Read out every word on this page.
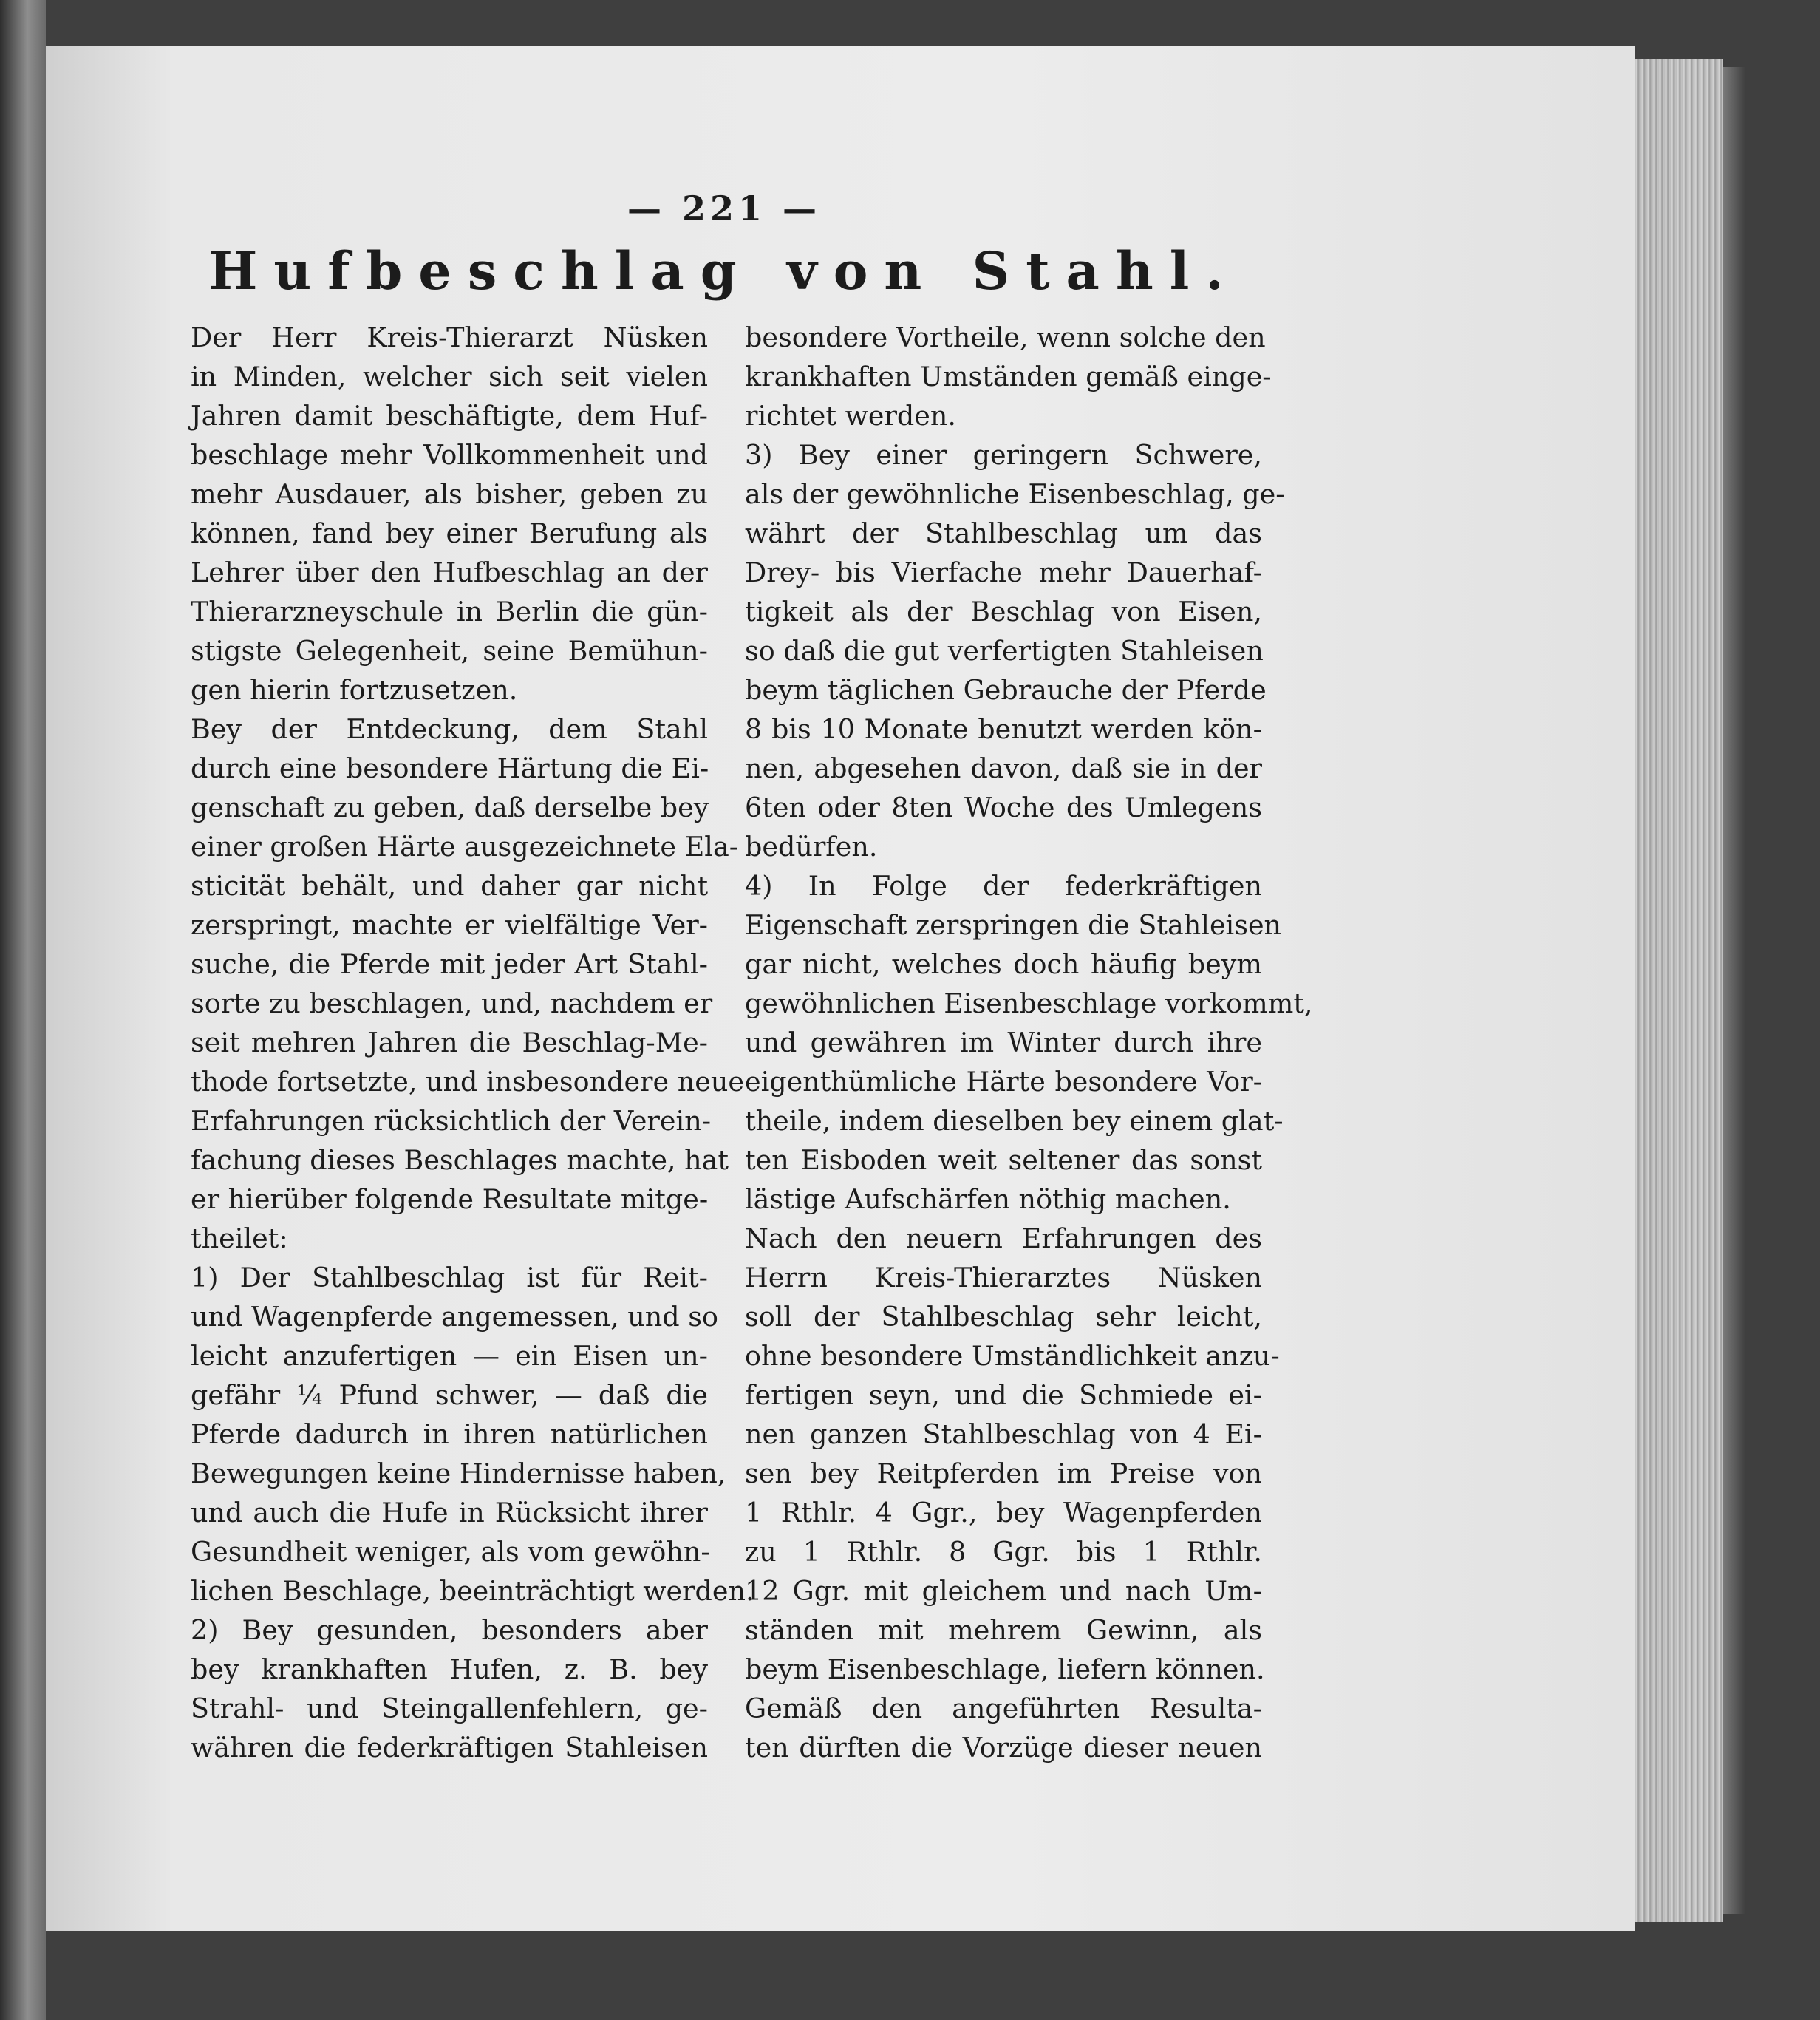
— 221 —
Hufbeschlag von Stahl.
Der Herr Kreis-Thierarzt Nüsken
in Minden, welcher sich seit vielen
Jahren damit beschäftigte, dem Huf-
beschlage mehr Vollkommenheit und
mehr Ausdauer, als bisher, geben zu
können, fand bey einer Berufung als
Lehrer über den Hufbeschlag an der
Thierarzneyschule in Berlin die gün-
stigste Gelegenheit, seine Bemühun-
gen hierin fortzusetzen.
Bey der Entdeckung, dem Stahl
durch eine besondere Härtung die Ei-
genschaft zu geben, daß derselbe bey
einer großen Härte ausgezeichnete Ela-
sticität behält, und daher gar nicht
zerspringt, machte er vielfältige Ver-
suche, die Pferde mit jeder Art Stahl-
sorte zu beschlagen, und, nachdem er
seit mehren Jahren die Beschlag-Me-
thode fortsetzte, und insbesondere neue
Erfahrungen rücksichtlich der Verein-
fachung dieses Beschlages machte, hat
er hierüber folgende Resultate mitge-
theilet:
1) Der Stahlbeschlag ist für Reit-
und Wagenpferde angemessen, und so
leicht anzufertigen — ein Eisen un-
gefähr ¼ Pfund schwer, — daß die
Pferde dadurch in ihren natürlichen
Bewegungen keine Hindernisse haben,
und auch die Hufe in Rücksicht ihrer
Gesundheit weniger, als vom gewöhn-
lichen Beschlage, beeinträchtigt werden.
2) Bey gesunden, besonders aber
bey krankhaften Hufen, z. B. bey
Strahl- und Steingallenfehlern, ge-
währen die federkräftigen Stahleisen
besondere Vortheile, wenn solche den
krankhaften Umständen gemäß einge-
richtet werden.
3) Bey einer geringern Schwere,
als der gewöhnliche Eisenbeschlag, ge-
währt der Stahlbeschlag um das
Drey- bis Vierfache mehr Dauerhaf-
tigkeit als der Beschlag von Eisen,
so daß die gut verfertigten Stahleisen
beym täglichen Gebrauche der Pferde
8 bis 10 Monate benutzt werden kön-
nen, abgesehen davon, daß sie in der
6ten oder 8ten Woche des Umlegens
bedürfen.
4) In Folge der federkräftigen
Eigenschaft zerspringen die Stahleisen
gar nicht, welches doch häufig beym
gewöhnlichen Eisenbeschlage vorkommt,
und gewähren im Winter durch ihre
eigenthümliche Härte besondere Vor-
theile, indem dieselben bey einem glat-
ten Eisboden weit seltener das sonst
lästige Aufschärfen nöthig machen.
Nach den neuern Erfahrungen des
Herrn Kreis-Thierarztes Nüsken
soll der Stahlbeschlag sehr leicht,
ohne besondere Umständlichkeit anzu-
fertigen seyn, und die Schmiede ei-
nen ganzen Stahlbeschlag von 4 Ei-
sen bey Reitpferden im Preise von
1 Rthlr. 4 Ggr., bey Wagenpferden
zu 1 Rthlr. 8 Ggr. bis 1 Rthlr.
12 Ggr. mit gleichem und nach Um-
ständen mit mehrem Gewinn, als
beym Eisenbeschlage, liefern können.
Gemäß den angeführten Resulta-
ten dürften die Vorzüge dieser neuen
